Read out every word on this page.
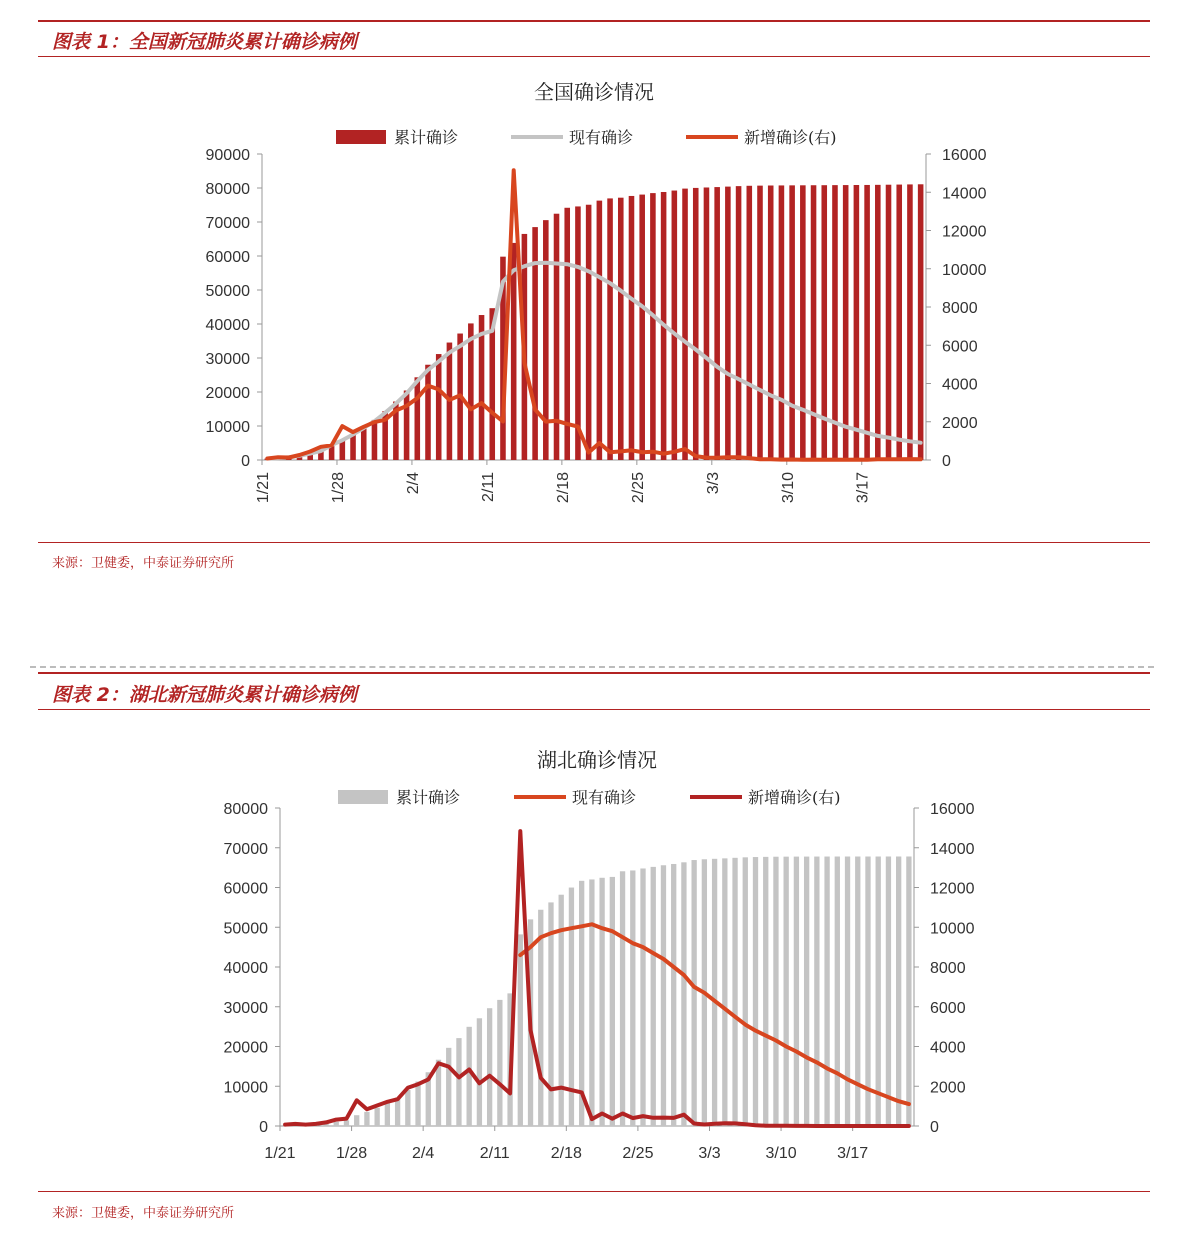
图表 1：全国新冠肺炎累计确诊病例
全国确诊情况
累计确诊	现有确诊	新增确诊(右)
0
10000
20000
30000
40000
50000
60000
70000
80000
90000
0
2000
4000
6000
8000
10000
12000
14000
16000
1/21	1/28	2/4	2/11	2/18	2/25	3/3	3/10	3/17
来源：卫健委，中泰证券研究所
图表 2：湖北新冠肺炎累计确诊病例
湖北确诊情况
累计确诊	现有确诊	新增确诊(右)
0
10000
20000
30000
40000
50000
60000
70000
80000
0
2000
4000
6000
8000
10000
12000
14000
16000
1/21	1/28	2/4	2/11	2/18	2/25	3/3	3/10	3/17
来源：卫健委，中泰证券研究所
